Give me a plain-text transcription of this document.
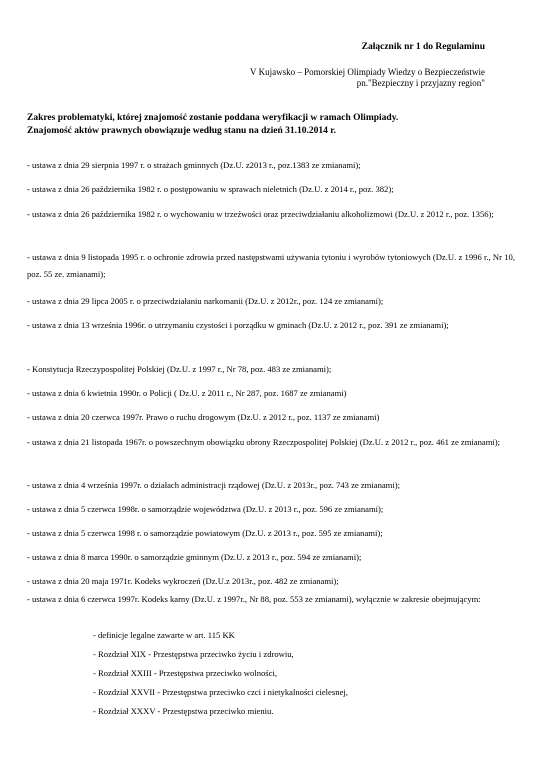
Załącznik nr 1 do Regulaminu
V Kujawsko – Pomorskiej Olimpiady Wiedzy o Bezpieczeństwie
pn."Bezpieczny i przyjazny region"
Zakres problematyki, której znajomość zostanie poddana weryfikacji w ramach Olimpiady.
Znajomość aktów prawnych obowiązuje według stanu na dzień 31.10.2014 r.
- ustawa z dnia 29 sierpnia 1997 r. o strażach gminnych (Dz.U. z2013 r., poz.1383 ze zmianami);
- ustawa z dnia 26 października 1982 r. o postępowaniu w sprawach nieletnich (Dz.U. z 2014 r., poz. 382);
- ustawa z dnia 26 października 1982 r. o wychowaniu w trzeźwości oraz przeciwdziałaniu alkoholizmowi (Dz.U. z 2012 r., poz. 1356);
- ustawa z dnia 9 listopada 1995 r. o ochronie zdrowia przed następstwami używania tytoniu i wyrobów tytoniowych (Dz.U. z 1996 r., Nr 10, poz. 55 ze. zmianami);
- ustawa z dnia 29 lipca 2005 r. o przeciwdziałaniu narkomanii (Dz.U. z 2012r., poz. 124 ze zmianami);
- ustawa z dnia 13 września 1996r. o utrzymaniu czystości i porządku w gminach (Dz.U. z 2012 r., poz. 391 ze zmianami);
- Konstytucja Rzeczypospolitej Polskiej (Dz.U. z 1997 r., Nr 78, poz. 483 ze zmianami);
- ustawa z dnia 6 kwietnia 1990r. o Policji ( Dz.U. z 2011 r., Nr 287, poz. 1687 ze zmianami)
- ustawa z dnia 20 czerwca 1997r. Prawo o ruchu drogowym (Dz.U. z 2012 r., poz. 1137 ze zmianami)
- ustawa z dnia 21 listopada 1967r. o powszechnym obowiązku obrony Rzeczpospolitej Polskiej (Dz.U. z 2012 r., poz. 461 ze zmianami);
- ustawa z dnia 4 września 1997r. o działach administracji rządowej (Dz.U. z 2013r., poz. 743 ze zmianami);
- ustawa z dnia 5 czerwca 1998r. o samorządzie województwa (Dz.U. z 2013 r., poz. 596 ze zmianami);
- ustawa z dnia 5 czerwca 1998 r. o samorządzie powiatowym (Dz.U. z 2013 r., poz. 595 ze zmianami);
- ustawa z dnia 8 marca 1990r. o samorządzie gminnym (Dz.U. z 2013 r., poz. 594 ze zmianami);
- ustawa z dnia 20 maja 1971r. Kodeks wykroczeń (Dz.U.z 2013r., poz. 482 ze zmianami);
- ustawa z dnia 6 czerwca 1997r. Kodeks karny (Dz.U. z 1997r., Nr 88, poz. 553 ze zmianami), wyłącznie w zakresie obejmującym:
- definicje legalne zawarte w art. 115 KK
- Rozdział XIX - Przestępstwa przeciwko życiu i zdrowiu,
- Rozdział XXIII - Przestępstwa przeciwko wolności,
- Rozdział XXVII - Przestępstwa przeciwko czci i nietykalności cielesnej,
- Rozdział XXXV - Przestępstwa przeciwko mieniu.
